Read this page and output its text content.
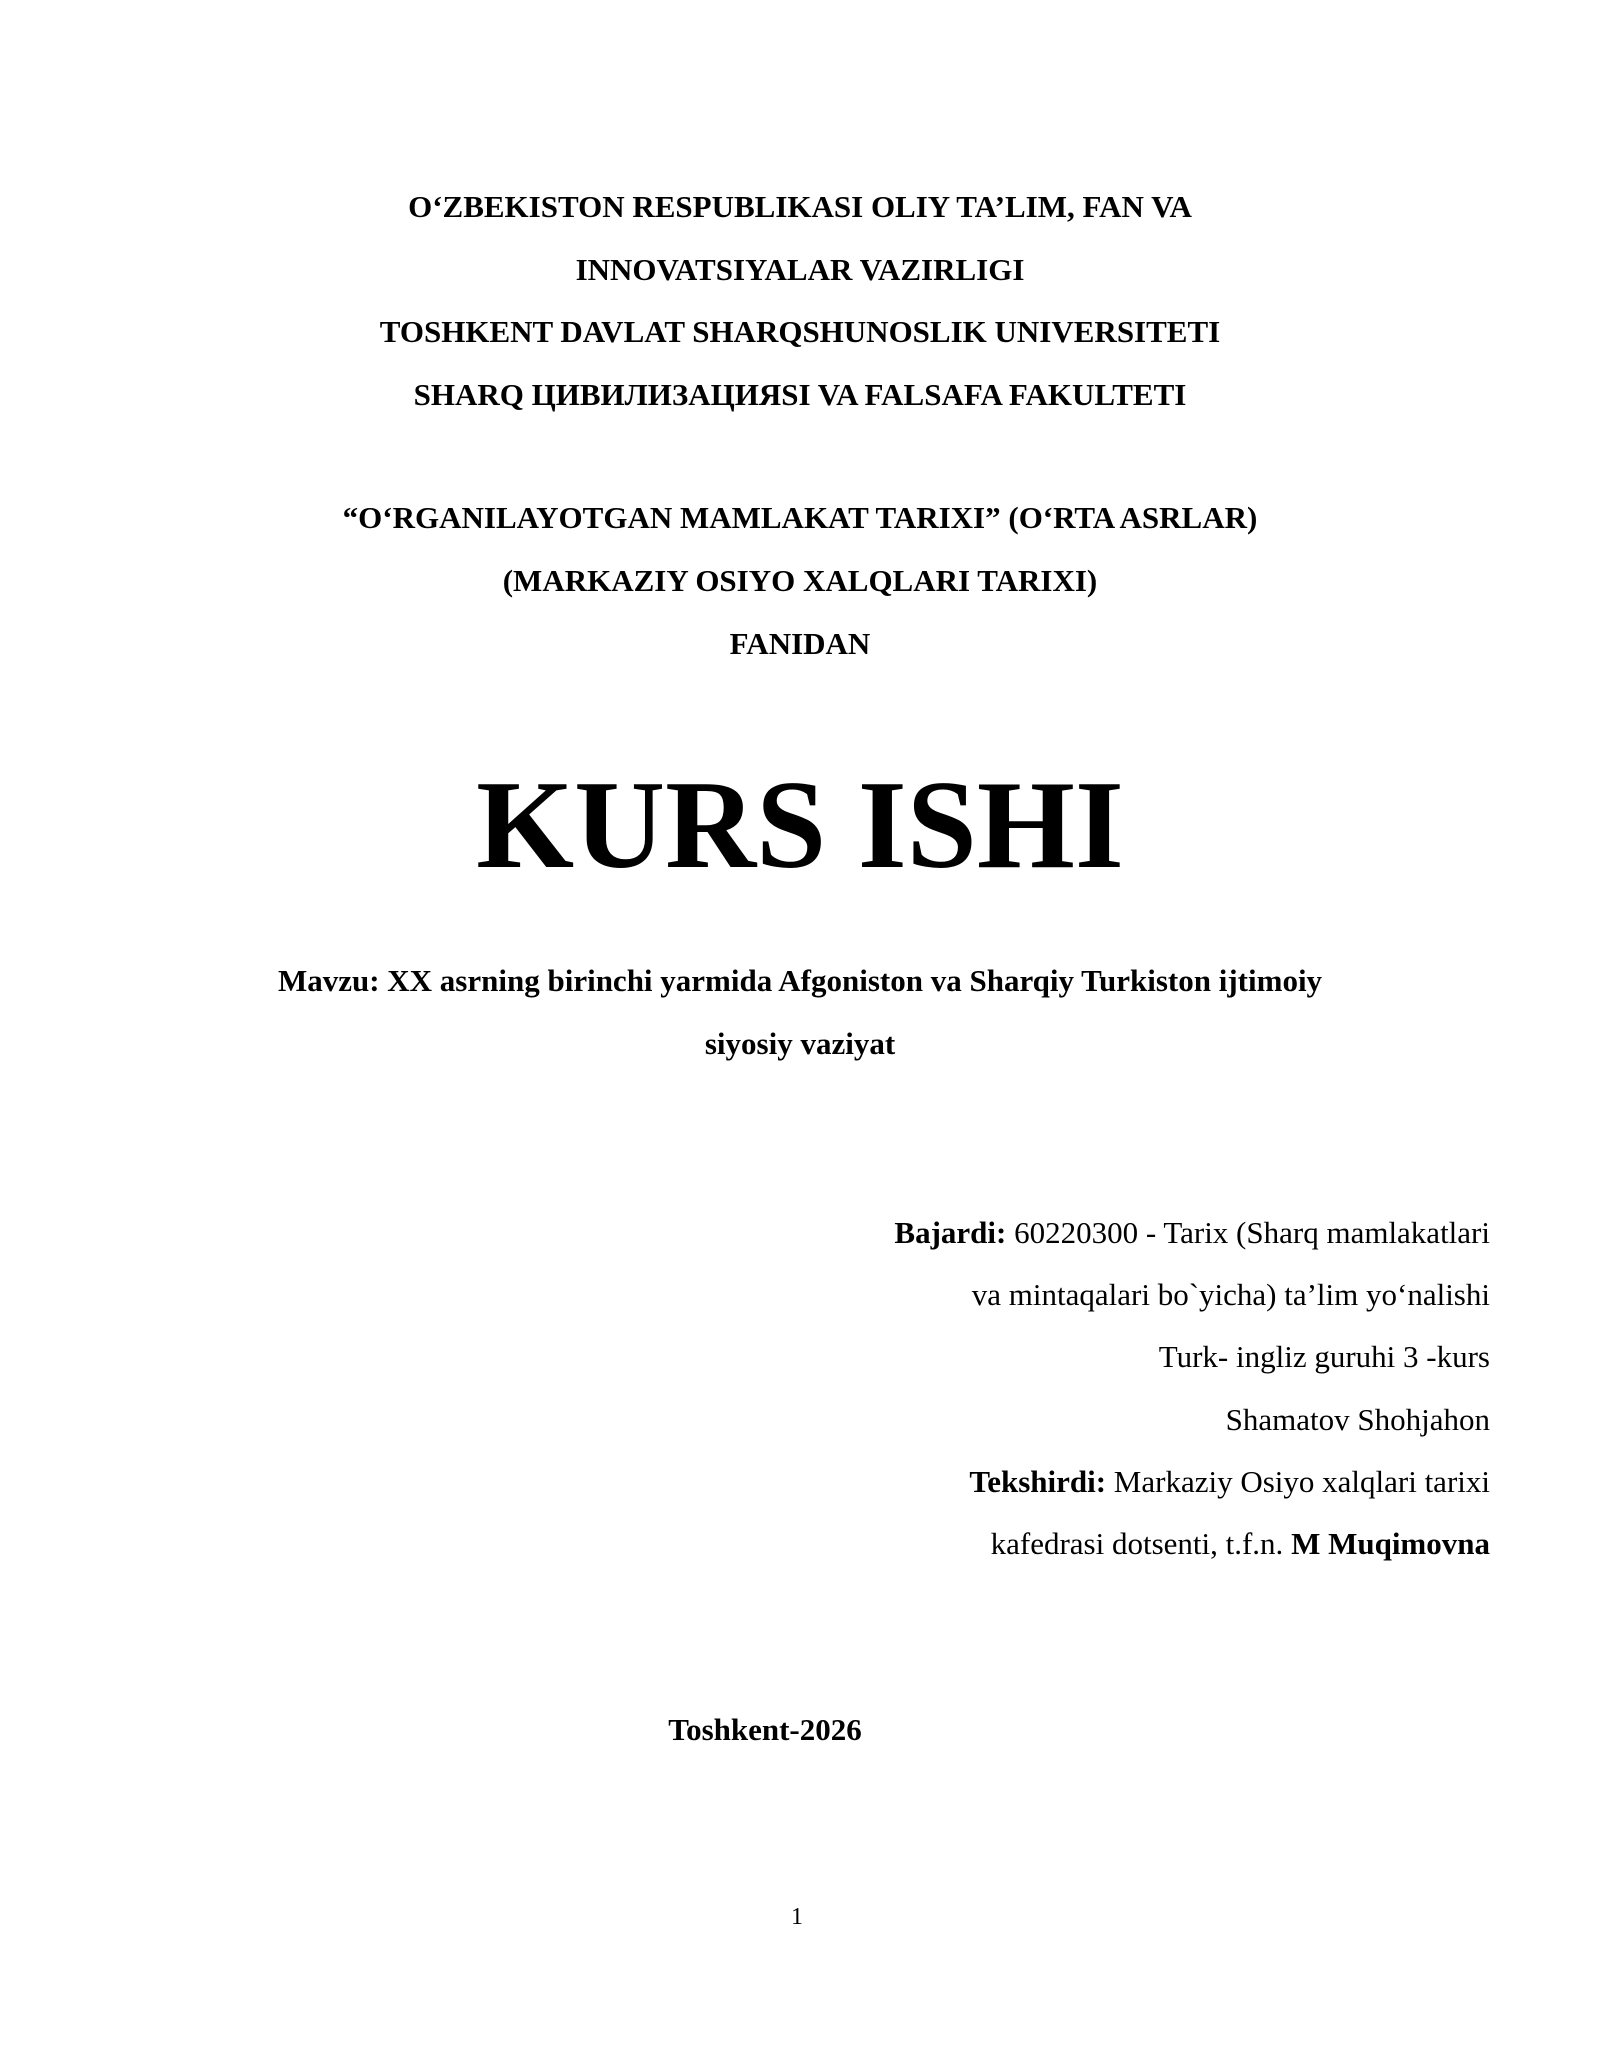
O‘ZBEKISTON RESPUBLIKASI OLIY TA’LIM, FAN VA
INNOVATSIYALAR VAZIRLIGI
TOSHKENT DAVLAT SHARQSHUNOSLIK UNIVERSITETI
SHARQ ЦИВИЛИЗАЦИЯSI VA FALSAFA FAKULTETI
“O‘RGANILAYOTGAN MAMLAKAT TARIXI” (O‘RTA ASRLAR)
(MARKAZIY OSIYO XALQLARI TARIXI)
FANIDAN
KURS ISHI
Mavzu: XX asrning birinchi yarmida Afgoniston va Sharqiy Turkiston ijtimoiy
siyosiy vaziyat
Bajardi: 60220300 - Tarix (Sharq mamlakatlari
va mintaqalari bo`yicha) ta’lim yo‘nalishi
Turk- ingliz guruhi 3 -kurs
Shamatov Shohjahon
Tekshirdi: Markaziy Osiyo xalqlari tarixi
kafedrasi dotsenti, t.f.n. M Muqimovna
Toshkent-2026
1
